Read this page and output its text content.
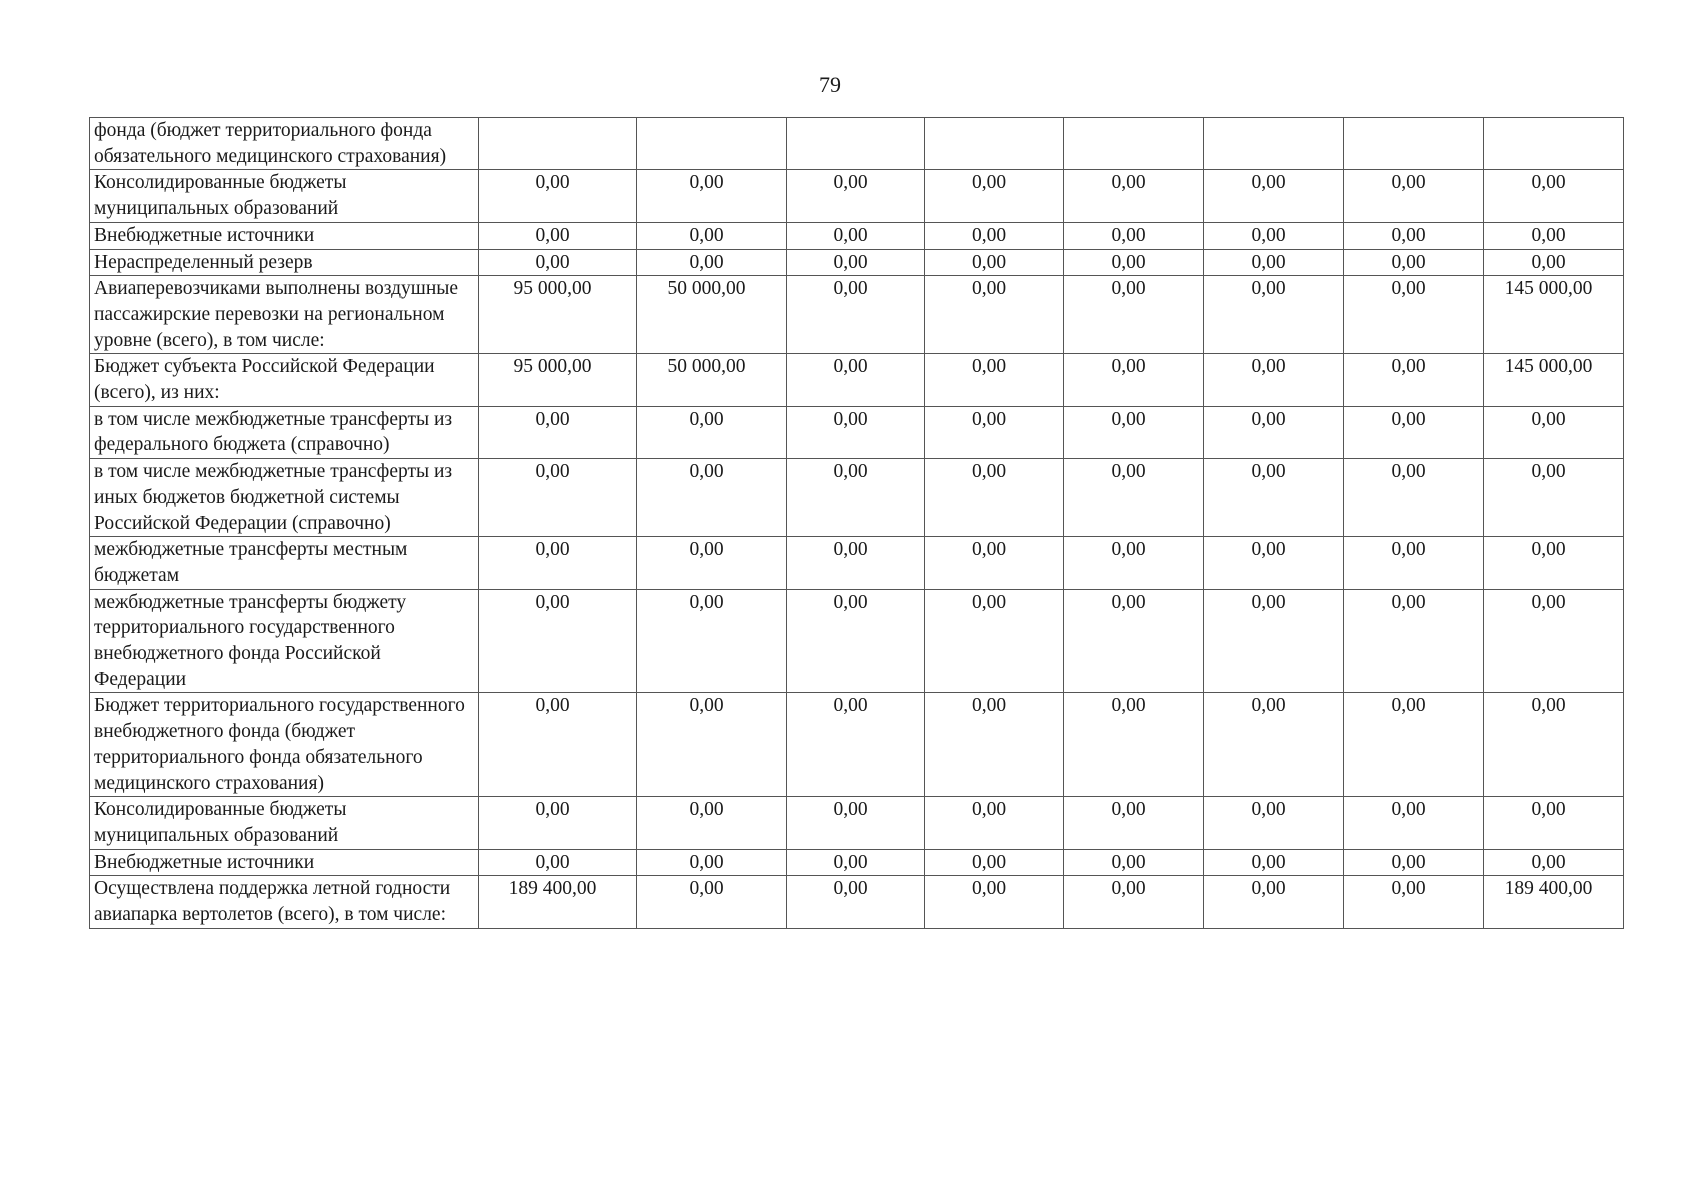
79
фонда (бюджет территориального фонда обязательного медицинского страхования)								
Консолидированные бюджеты муниципальных образований	0,00	0,00	0,00	0,00	0,00	0,00	0,00	0,00
Внебюджетные источники	0,00	0,00	0,00	0,00	0,00	0,00	0,00	0,00
Нераспределенный резерв	0,00	0,00	0,00	0,00	0,00	0,00	0,00	0,00
Авиаперевозчиками выполнены воздушные пассажирские перевозки на региональном уровне (всего), в том числе:	95 000,00	50 000,00	0,00	0,00	0,00	0,00	0,00	145 000,00
Бюджет субъекта Российской Федерации (всего), из них:	95 000,00	50 000,00	0,00	0,00	0,00	0,00	0,00	145 000,00
в том числе межбюджетные трансферты из федерального бюджета (справочно)	0,00	0,00	0,00	0,00	0,00	0,00	0,00	0,00
в том числе межбюджетные трансферты из иных бюджетов бюджетной системы Российской Федерации (справочно)	0,00	0,00	0,00	0,00	0,00	0,00	0,00	0,00
межбюджетные трансферты местным бюджетам	0,00	0,00	0,00	0,00	0,00	0,00	0,00	0,00
межбюджетные трансферты бюджету территориального государственного внебюджетного фонда Российской Федерации	0,00	0,00	0,00	0,00	0,00	0,00	0,00	0,00
Бюджет территориального государственного внебюджетного фонда (бюджет территориального фонда обязательного медицинского страхования)	0,00	0,00	0,00	0,00	0,00	0,00	0,00	0,00
Консолидированные бюджеты муниципальных образований	0,00	0,00	0,00	0,00	0,00	0,00	0,00	0,00
Внебюджетные источники	0,00	0,00	0,00	0,00	0,00	0,00	0,00	0,00
Осуществлена поддержка летной годности авиапарка вертолетов (всего), в том числе:	189 400,00	0,00	0,00	0,00	0,00	0,00	0,00	189 400,00
